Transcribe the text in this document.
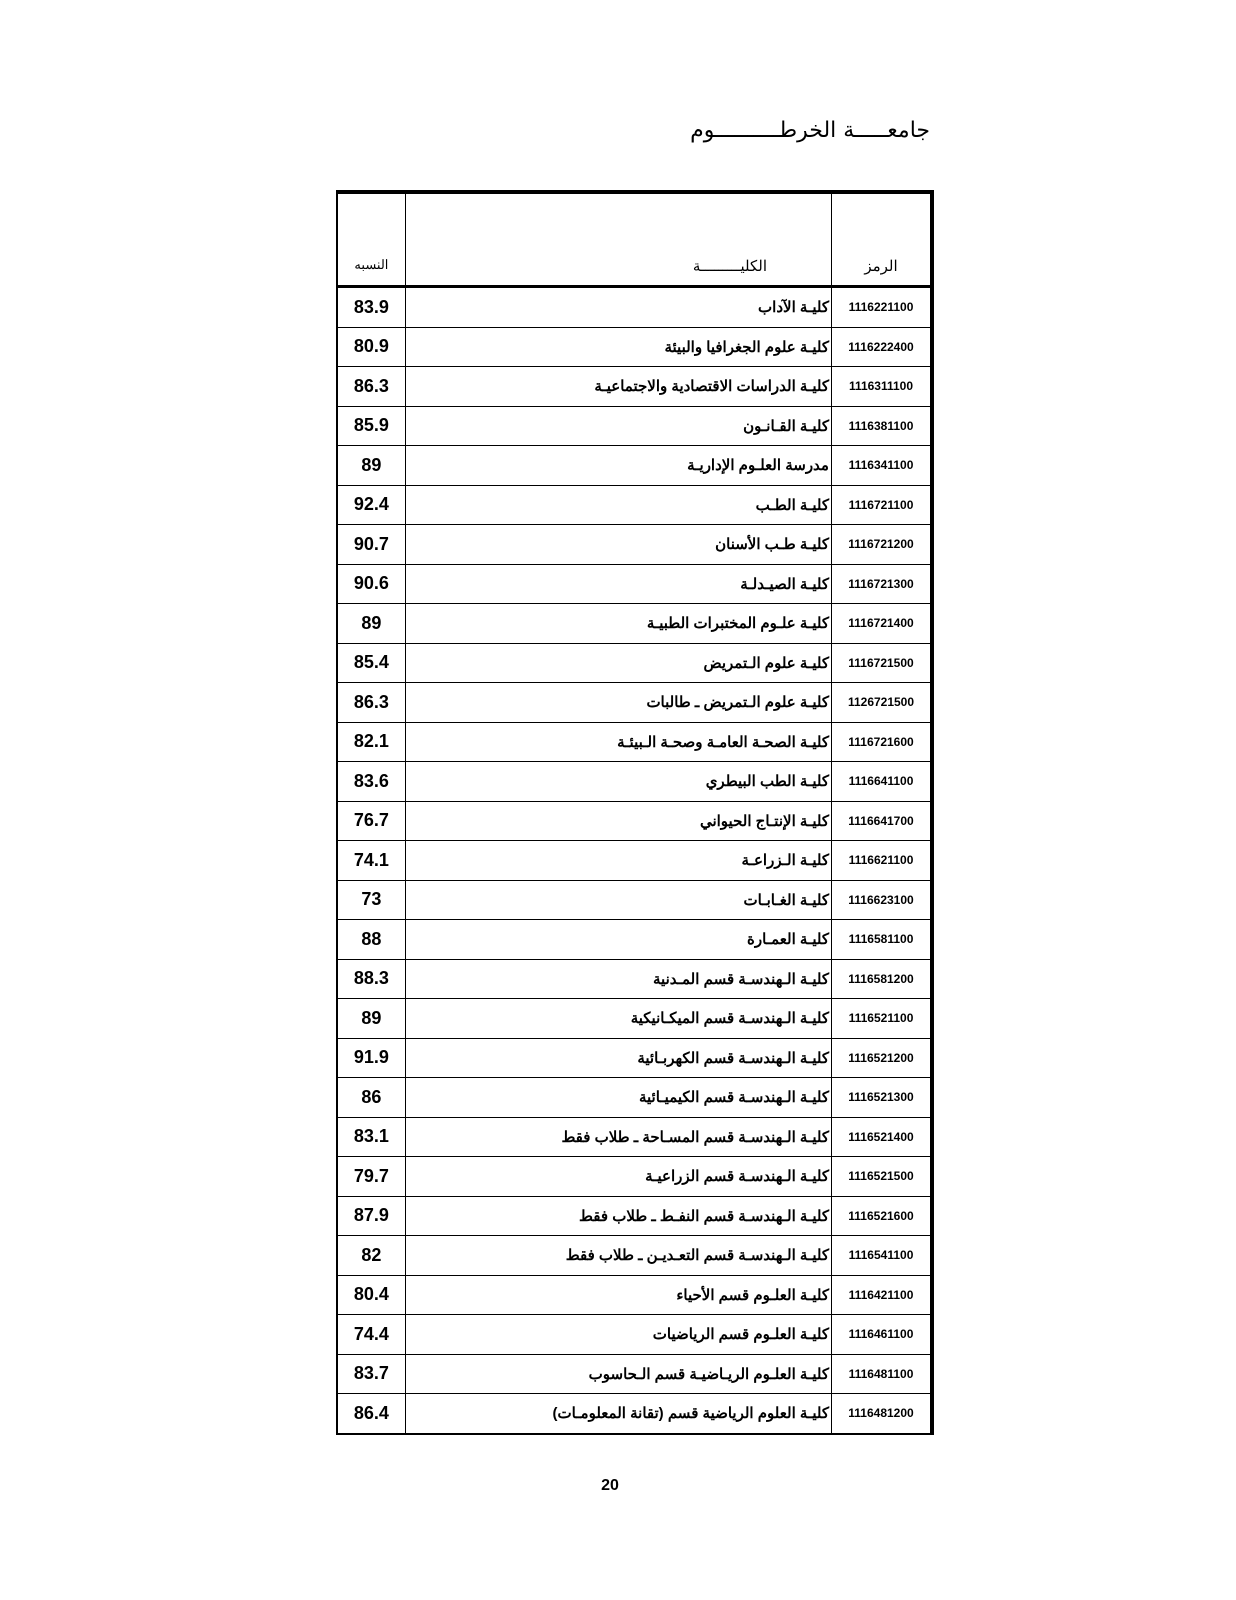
جامعـــــة الخرطــــــــــوم
النسبه	الكليـــــــــة	الرمز
83.9	كليـة الآداب	1116221100
80.9	كليـة علوم الجغرافيا والبيئة	1116222400
86.3	كليـة الدراسات الاقتصادية والاجتماعيـة	1116311100
85.9	كليـة القـانـون	1116381100
89	مدرسة العلـوم الإداريـة	1116341100
92.4	كليـة الطـب	1116721100
90.7	كليـة طـب الأسنان	1116721200
90.6	كليـة الصيـدلـة	1116721300
89	كليـة علـوم المختبرات الطبيـة	1116721400
85.4	كليـة علوم الـتمريض	1116721500
86.3	كليـة علوم الـتمريض ـ طالبات	1126721500
82.1	كليـة الصحـة العامـة وصحـة الـبيئـة	1116721600
83.6	كليـة الطب البيطري	1116641100
76.7	كليـة الإنتـاج الحيواني	1116641700
74.1	كليـة الـزراعـة	1116621100
73	كليـة الغـابـات	1116623100
88	كليـة العمـارة	1116581100
88.3	كليـة الـهندسـة قسم المـدنية	1116581200
89	كليـة الـهندسـة قسم الميكـانيكية	1116521100
91.9	كليـة الـهندسـة قسم الكهربـائية	1116521200
86	كليـة الـهندسـة قسم الكيميـائية	1116521300
83.1	كليـة الـهندسـة قسم المسـاحة ـ طلاب فقط	1116521400
79.7	كليـة الـهندسـة قسم الزراعيـة	1116521500
87.9	كليـة الـهندسـة قسم النفـط ـ طلاب فقط	1116521600
82	كليـة الـهندسـة قسم التعـديـن ـ طلاب فقط	1116541100
80.4	كليـة العلـوم قسم الأحياء	1116421100
74.4	كليـة العلـوم قسم الرياضيات	1116461100
83.7	كليـة العلـوم الريـاضيـة قسم الـحاسوب	1116481100
86.4	كليـة العلوم الرياضية قسم (تقانة المعلومـات)	1116481200
20
